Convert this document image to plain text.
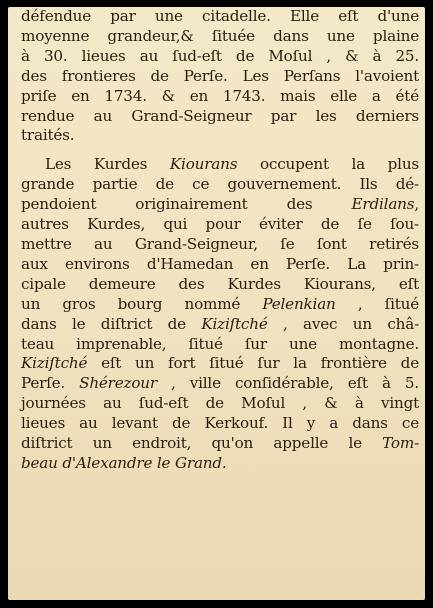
défendue par une citadelle. Elle eſt d'une
moyenne grandeur,& ſituée dans une plaine
à 30. lieues au ſud-eſt de Moſul , & à 25.
des frontieres de Perſe. Les Perſans l'avoient
priſe en 1734. & en 1743. mais elle a été
rendue au Grand-Seigneur par les derniers
traités.
Les Kurdes Kiourans occupent la plus
grande partie de ce gouvernement. Ils dé-
pendoient originairement des Erdilans,
autres Kurdes, qui pour éviter de ſe ſou-
mettre au Grand-Seigneur, ſe ſont retirés
aux environs d'Hamedan en Perſe. La prin-
cipale demeure des Kurdes Kiourans, eſt
un gros bourg nommé Pelenkian , ſitué
dans le diſtrict de Kiziſtché , avec un châ-
teau imprenable, ſitué ſur une montagne.
Kiziſtché eſt un fort ſitué ſur la frontière de
Perſe. Shérezour , ville conſidérable, eſt à 5.
journées au ſud-eſt de Moſul , & à vingt
lieues au levant de Kerkouf. Il y a dans ce
diſtrict un endroit, qu'on appelle le Tom-
beau d'Alexandre le Grand.
